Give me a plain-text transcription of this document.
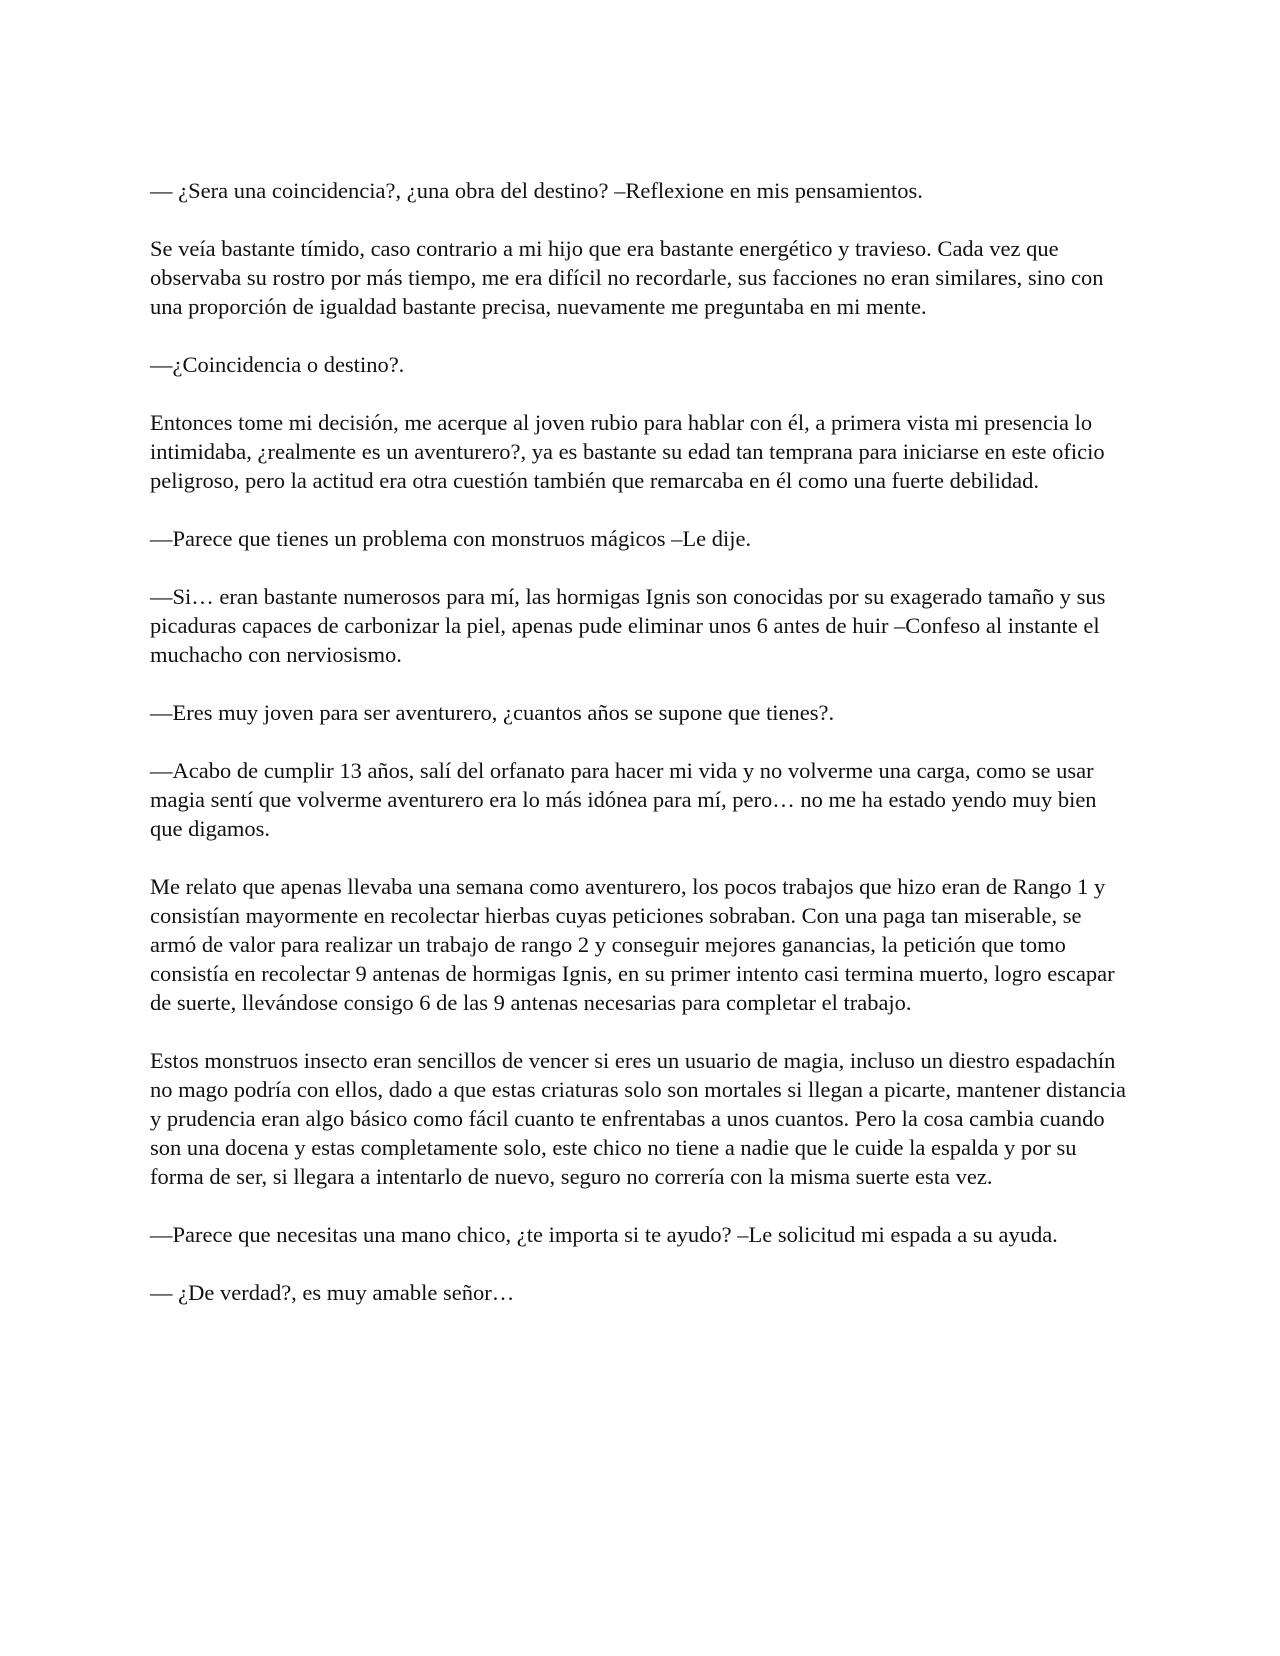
— ¿Sera una coincidencia?, ¿una obra del destino? –Reflexione en mis pensamientos.

Se veía bastante tímido, caso contrario a mi hijo que era bastante energético y travieso. Cada vez que observaba su rostro por más tiempo, me era difícil no recordarle, sus facciones no eran similares, sino con una proporción de igualdad bastante precisa, nuevamente me preguntaba en mi mente.

—¿Coincidencia o destino?.

Entonces tome mi decisión, me acerque al joven rubio para hablar con él, a primera vista mi presencia lo intimidaba, ¿realmente es un aventurero?, ya es bastante su edad tan temprana para iniciarse en este oficio peligroso, pero la actitud era otra cuestión también que remarcaba en él como una fuerte debilidad.

—Parece que tienes un problema con monstruos mágicos –Le dije.

—Si… eran bastante numerosos para mí, las hormigas Ignis son conocidas por su exagerado tamaño y sus picaduras capaces de carbonizar la piel, apenas pude eliminar unos 6 antes de huir –Confeso al instante el muchacho con nerviosismo.

—Eres muy joven para ser aventurero, ¿cuantos años se supone que tienes?.

—Acabo de cumplir 13 años, salí del orfanato para hacer mi vida y no volverme una carga, como se usar magia sentí que volverme aventurero era lo más idónea para mí, pero… no me ha estado yendo muy bien que digamos.

Me relato que apenas llevaba una semana como aventurero, los pocos trabajos que hizo eran de Rango 1 y consistían mayormente en recolectar hierbas cuyas peticiones sobraban. Con una paga tan miserable, se armó de valor para realizar un trabajo de rango 2 y conseguir mejores ganancias, la petición que tomo consistía en recolectar 9 antenas de hormigas Ignis, en su primer intento casi termina muerto, logro escapar de suerte, llevándose consigo 6 de las 9 antenas necesarias para completar el trabajo.

Estos monstruos insecto eran sencillos de vencer si eres un usuario de magia, incluso un diestro espadachín no mago podría con ellos, dado a que estas criaturas solo son mortales si llegan a picarte, mantener distancia y prudencia eran algo básico como fácil cuanto te enfrentabas a unos cuantos. Pero la cosa cambia cuando son una docena y estas completamente solo, este chico no tiene a nadie que le cuide la espalda y por su forma de ser, si llegara a intentarlo de nuevo, seguro no correría con la misma suerte esta vez.

—Parece que necesitas una mano chico, ¿te importa si te ayudo? –Le solicitud mi espada a su ayuda.

— ¿De verdad?, es muy amable señor…
